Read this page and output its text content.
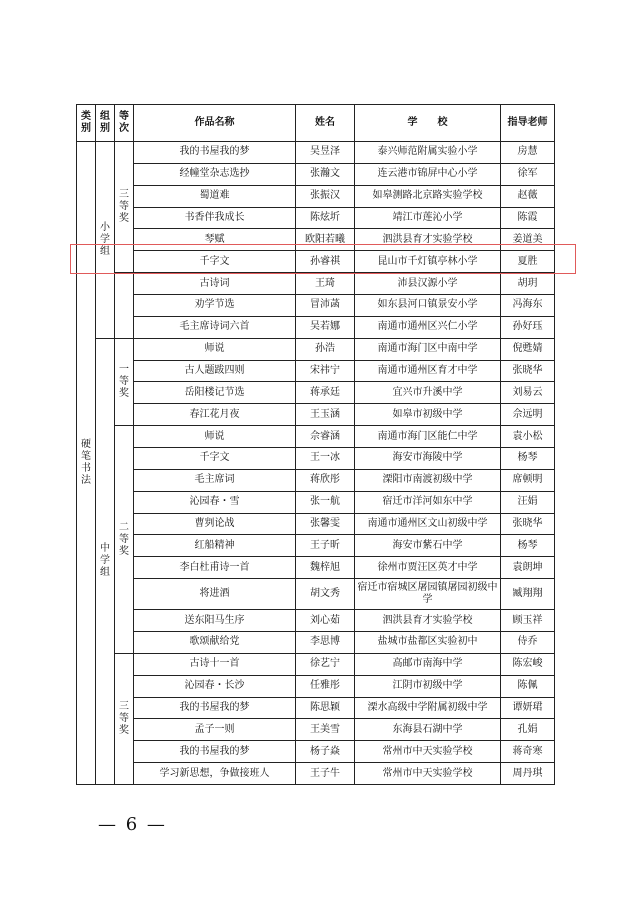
类别	组别	等次	作品名称	姓名	学　　校	指导老师
硬笔书法	小学组	三等奖	我的书屋我的梦	吴昱泽	泰兴师范附属实验小学	房慧
			经幢堂杂志选抄	张瀚文	连云港市锦屏中心小学	徐军
			蜀道难	张振汉	如皋测路北京路实验学校	赵薇
			书香伴我成长	陈炫圻	靖江市莲沁小学	陈霞
			琴赋	欧阳若曦	泗洪县育才实验学校	姜道美
			千字文	孙睿祺	昆山市千灯镇亭林小学	夏胜
			古诗词	王琦	沛县汉源小学	胡玥
			劝学节选	冒沛菡	如东县河口镇景安小学	冯海东
			毛主席诗词六首	吴若娜	南通市通州区兴仁小学	孙好珏
	中学组	一等奖	师说	孙浩	南通市海门区中南中学	倪甦婧
			古人题跋四则	宋祎宁	南通市通州区育才中学	张晓华
			岳阳楼记节选	蒋承廷	宜兴市升溪中学	刘易云
			春江花月夜	王玉涵	如皋市初级中学	佘远明
		二等奖	师说	佘睿涵	南通市海门区能仁中学	袁小松
			千字文	王一冰	海安市海陵中学	杨琴
			毛主席词	蒋欣彤	溧阳市南渡初级中学	席顿明
			沁园春・雪	张一航	宿迁市洋河如东中学	汪娟
			曹刿论战	张馨雯	南通市通州区文山初级中学	张晓华
			红船精神	王子昕	海安市紫石中学	杨琴
			李白杜甫诗一首	魏梓旭	徐州市贾汪区英才中学	袁朗坤
			将进酒	胡文秀	宿迁市宿城区屠园镇屠园初级中学	臧翔翔
			送东阳马生序	刘心茹	泗洪县育才实验学校	顾玉祥
			歌颂献给党	李思博	盐城市盐都区实验初中	侍乔
		三等奖	古诗十一首	徐艺宁	高邮市南海中学	陈宏峻
			沁园春・长沙	任雅彤	江阴市初级中学	陈佩
			我的书屋我的梦	陈思颖	溧水高级中学附属初级中学	谭妍珺
			孟子一则	王美雪	东海县石湖中学	孔娟
			我的书屋我的梦	杨子焱	常州市中天实验学校	蒋奇寒
			学习新思想，争做接班人	王子牛	常州市中天实验学校	周丹琪
— 6 —
